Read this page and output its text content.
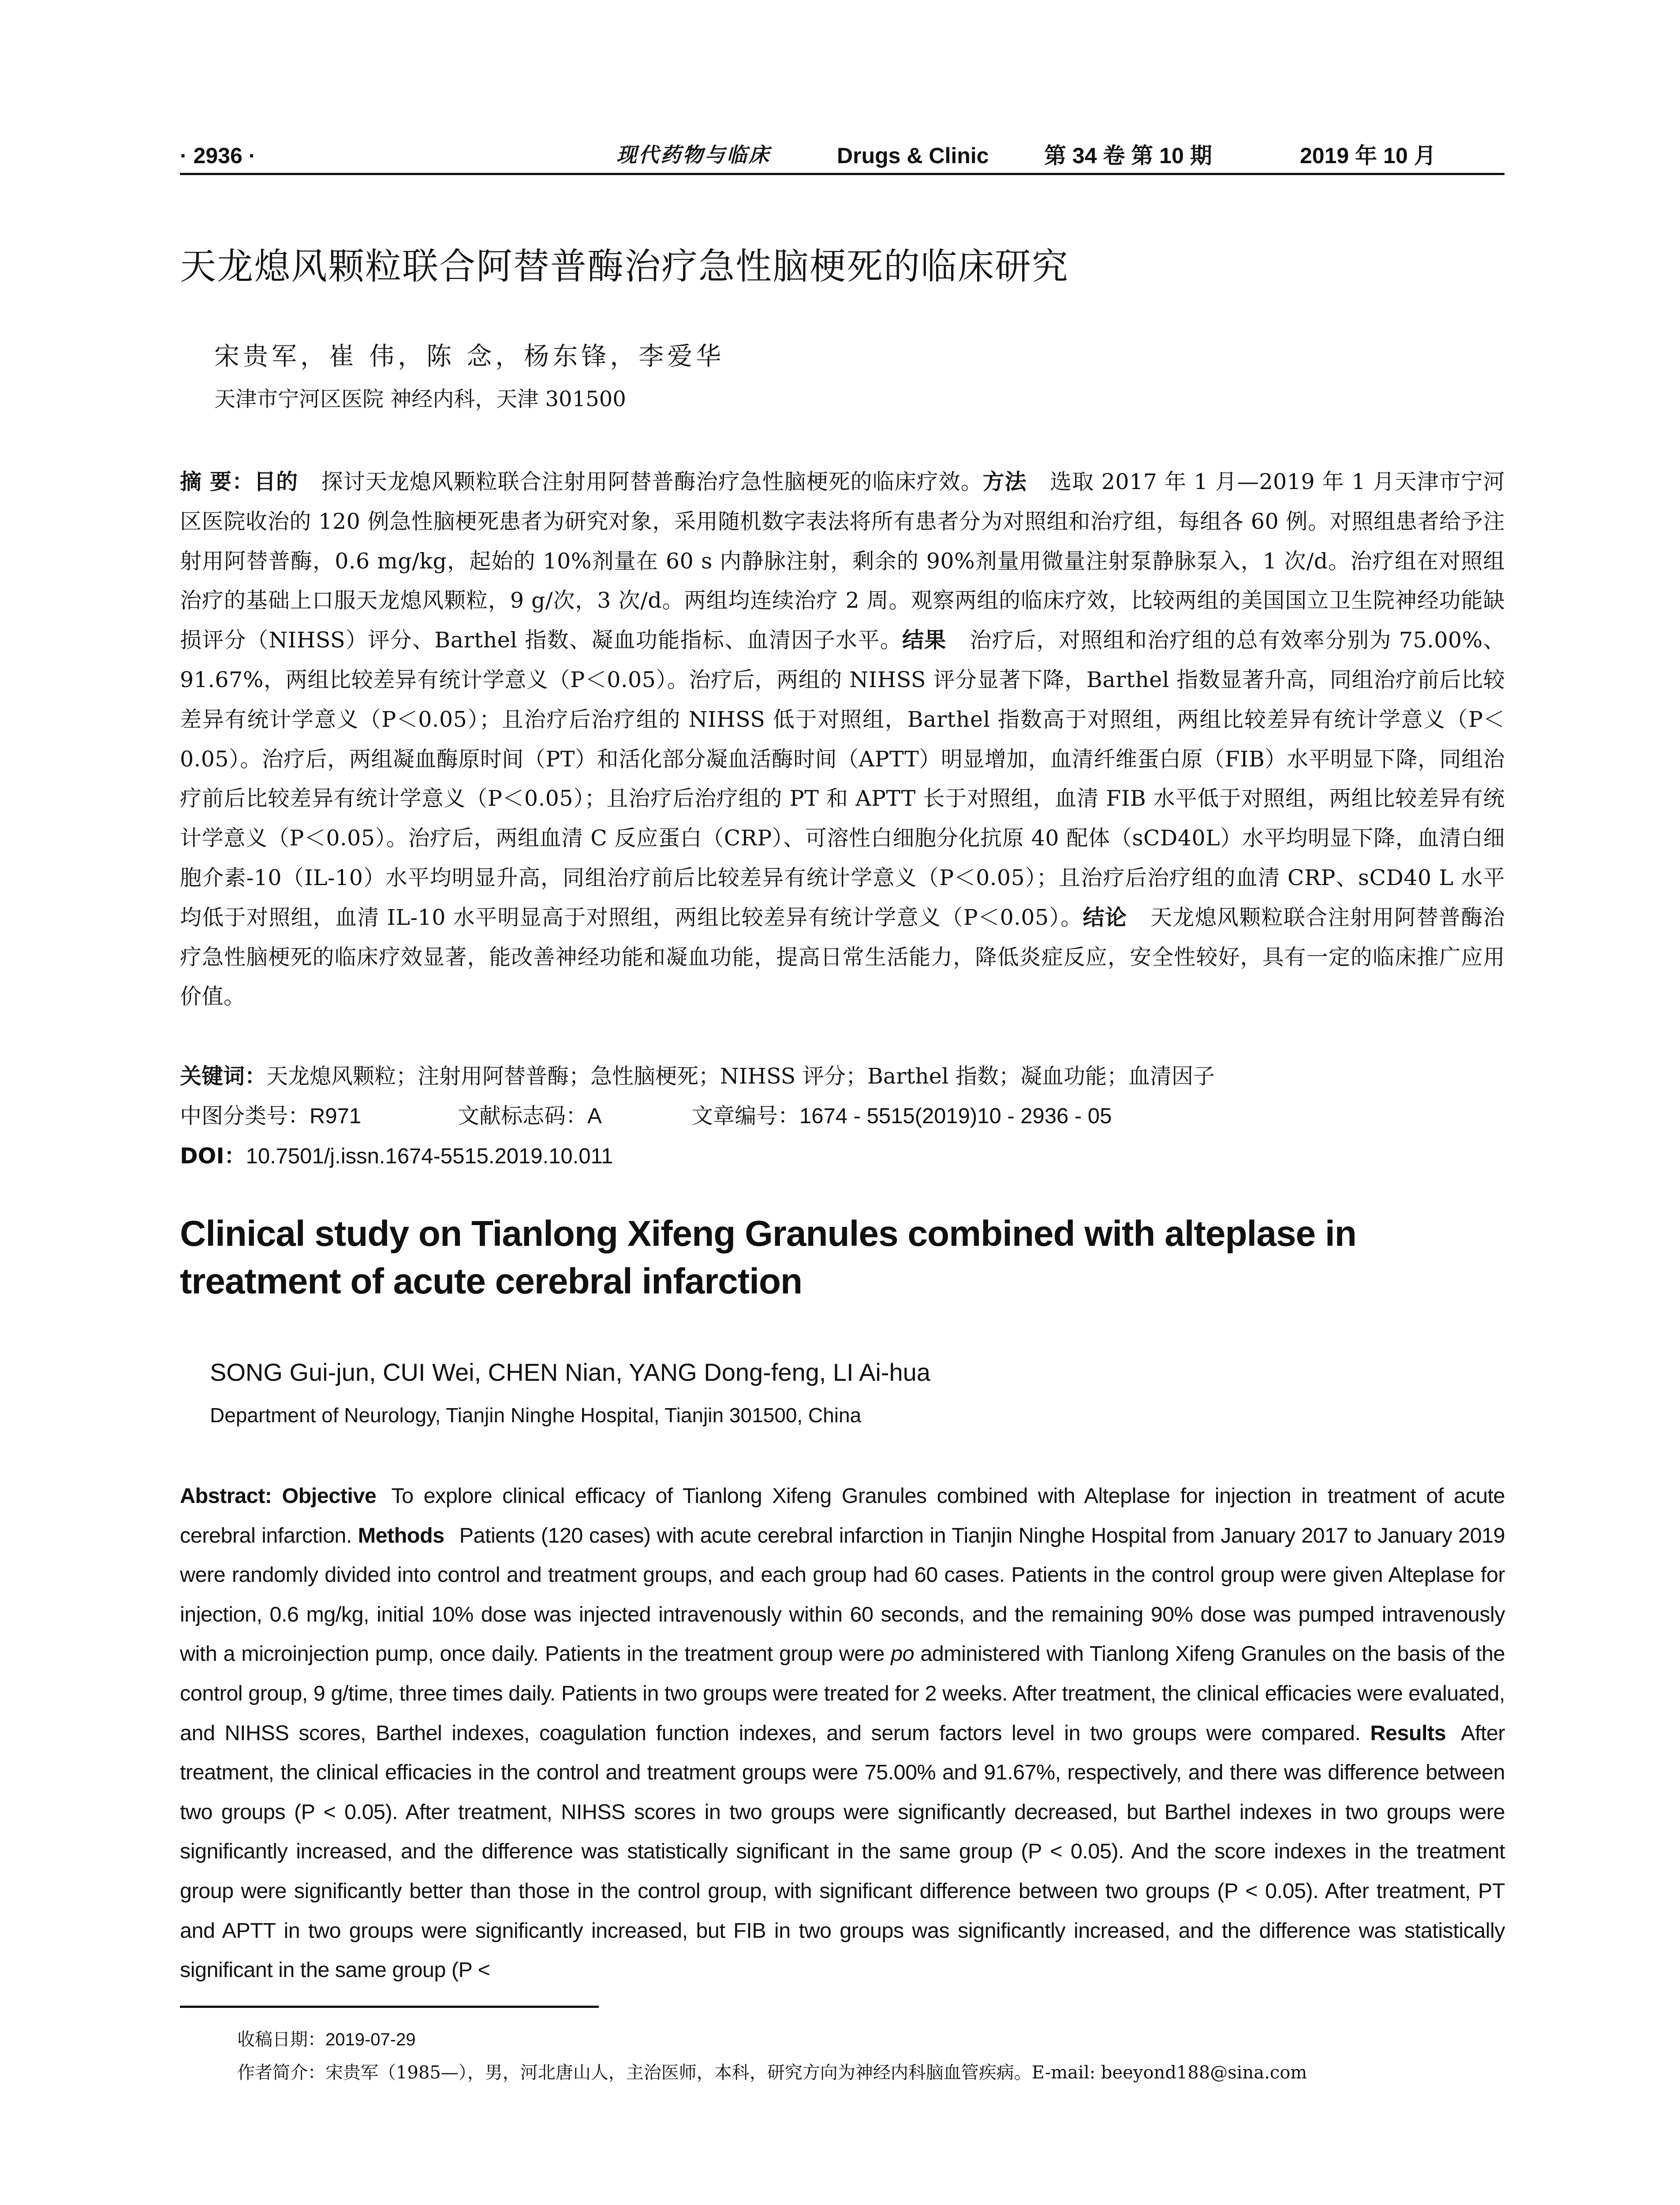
· 2936 ·	现代药物与临床	Drugs & Clinic	第 34 卷 第 10 期	2019 年 10 月
天龙熄风颗粒联合阿替普酶治疗急性脑梗死的临床研究
宋贵军，崔 伟，陈 念，杨东锋，李爱华
天津市宁河区医院 神经内科，天津 301500
摘 要：目的 探讨天龙熄风颗粒联合注射用阿替普酶治疗急性脑梗死的临床疗效。方法 选取 2017 年 1 月—2019 年 1 月天津市宁河区医院收治的 120 例急性脑梗死患者为研究对象，采用随机数字表法将所有患者分为对照组和治疗组，每组各 60 例。对照组患者给予注射用阿替普酶，0.6 mg/kg，起始的 10%剂量在 60 s 内静脉注射，剩余的 90%剂量用微量注射泵静脉泵入，1 次/d。治疗组在对照组治疗的基础上口服天龙熄风颗粒，9 g/次，3 次/d。两组均连续治疗 2 周。观察两组的临床疗效，比较两组的美国国立卫生院神经功能缺损评分（NIHSS）评分、Barthel 指数、凝血功能指标、血清因子水平。结果 治疗后，对照组和治疗组的总有效率分别为 75.00%、91.67%，两组比较差异有统计学意义（P＜0.05）。治疗后，两组的 NIHSS 评分显著下降，Barthel 指数显著升高，同组治疗前后比较差异有统计学意义（P＜0.05）；且治疗后治疗组的 NIHSS 低于对照组，Barthel 指数高于对照组，两组比较差异有统计学意义（P＜0.05）。治疗后，两组凝血酶原时间（PT）和活化部分凝血活酶时间（APTT）明显增加，血清纤维蛋白原（FIB）水平明显下降，同组治疗前后比较差异有统计学意义（P＜0.05）；且治疗后治疗组的 PT 和 APTT 长于对照组，血清 FIB 水平低于对照组，两组比较差异有统计学意义（P＜0.05）。治疗后，两组血清 C 反应蛋白（CRP）、可溶性白细胞分化抗原 40 配体（sCD40L）水平均明显下降，血清白细胞介素-10（IL-10）水平均明显升高，同组治疗前后比较差异有统计学意义（P＜0.05）；且治疗后治疗组的血清 CRP、sCD40 L 水平均低于对照组，血清 IL-10 水平明显高于对照组，两组比较差异有统计学意义（P＜0.05）。结论 天龙熄风颗粒联合注射用阿替普酶治疗急性脑梗死的临床疗效显著，能改善神经功能和凝血功能，提高日常生活能力，降低炎症反应，安全性较好，具有一定的临床推广应用价值。
关键词：天龙熄风颗粒；注射用阿替普酶；急性脑梗死；NIHSS 评分；Barthel 指数；凝血功能；血清因子
中图分类号：R971	文献标志码：A	文章编号：1674 - 5515(2019)10 - 2936 - 05
DOI：10.7501/j.issn.1674-5515.2019.10.011
Clinical study on Tianlong Xifeng Granules combined with alteplase in treatment of acute cerebral infarction
SONG Gui-jun, CUI Wei, CHEN Nian, YANG Dong-feng, LI Ai-hua
Department of Neurology, Tianjin Ninghe Hospital, Tianjin 301500, China
Abstract: Objective To explore clinical efficacy of Tianlong Xifeng Granules combined with Alteplase for injection in treatment of acute cerebral infarction. Methods Patients (120 cases) with acute cerebral infarction in Tianjin Ninghe Hospital from January 2017 to January 2019 were randomly divided into control and treatment groups, and each group had 60 cases. Patients in the control group were given Alteplase for injection, 0.6 mg/kg, initial 10% dose was injected intravenously within 60 seconds, and the remaining 90% dose was pumped intravenously with a microinjection pump, once daily. Patients in the treatment group were po administered with Tianlong Xifeng Granules on the basis of the control group, 9 g/time, three times daily. Patients in two groups were treated for 2 weeks. After treatment, the clinical efficacies were evaluated, and NIHSS scores, Barthel indexes, coagulation function indexes, and serum factors level in two groups were compared. Results After treatment, the clinical efficacies in the control and treatment groups were 75.00% and 91.67%, respectively, and there was difference between two groups (P < 0.05). After treatment, NIHSS scores in two groups were significantly decreased, but Barthel indexes in two groups were significantly increased, and the difference was statistically significant in the same group (P < 0.05). And the score indexes in the treatment group were significantly better than those in the control group, with significant difference between two groups (P < 0.05). After treatment, PT and APTT in two groups were significantly increased, but FIB in two groups was significantly increased, and the difference was statistically significant in the same group (P <
收稿日期：2019-07-29
作者简介：宋贵军（1985—），男，河北唐山人，主治医师，本科，研究方向为神经内科脑血管疾病。E-mail: beeyond188@sina.com
